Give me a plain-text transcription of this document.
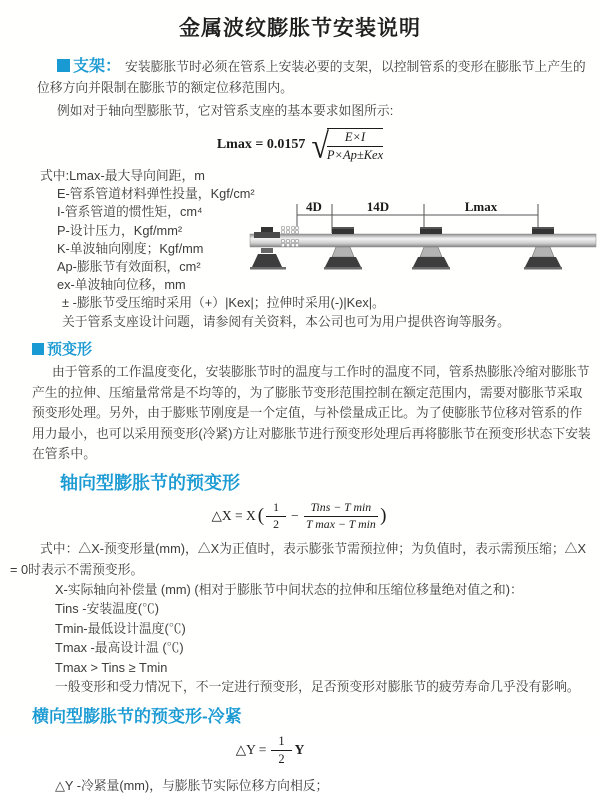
金属波纹膨胀节安装说明

支架： 安装膨胀节时必须在管系上安装必要的支架，以控制管系的变形在膨胀节上产生的位移方向并限制在膨胀节的额定位移范围内。

例如对于轴向型膨胀节，它对管系支座的基本要求如图所示:

Lmax = 0.0157 √
$\frac{E\times I}{\text{P×Ap±Kex}}$
式中:Lmax-最大导向间距，m
E-管系管道材料弹性投量，Kgf/cm²
I-管系管道的惯性矩，cm⁴
P-设计压力，Kgf/mm²
K-单波轴向刚度；Kgf/mm
Ap-膨胀节有效面积，cm²
ex-单波轴向位移，mm
± -膨胀节受压缩时采用（+）|Kex|；拉伸时采用(-)|Kex|。
关于管系支座设计问题，请参阅有关资料，本公司也可为用户提供咨询等服务。
4D	14D	Lmax
预变形

由于管系的工作温度变化，安装膨胀节时的温度与工作时的温度不同，管系热膨胀冷缩对膨胀节产生的拉伸、压缩量常常是不均等的，为了膨胀节变形范围控制在额定范围内，需要对膨胀节采取预变形处理。另外，由于膨账节刚度是一个定值，与补偿量成正比。为了使膨胀节位移对管系的作用力最小，也可以采用预变形(冷紧)方让对膨胀节进行预变形处理后再将膨胀节在预变形状态下安装在管系中。

轴向型膨胀节的预变形
△X = X ( $\frac{1}{2} - \frac{\text{Tins − T min}}{\text{T max − T min}}$ )

式中：△X-预变形量(mm)，△X为正值时，表示膨张节需预拉伸；为负值时，表示需预压缩；△X = 0时表示不需预变形。

X-实际轴向补偿量 (mm) (相对于膨胀节中间状态的拉伸和压缩位移量绝对值之和)：
Tins -安装温度(℃)
Tmin-最低设计温度(℃)
Tmax -最高设计温 (℃)
Tmax > Tins ≥ Tmin
一般变形和受力情况下，不一定进行预变形，足否预变形对膨胀节的疲劳寿命几乎没有影响。
横向型膨胀节的预变形-冷紧
△Y = $\frac{1}{2}$ Y

△Y -冷紧量(mm)，与膨胀节实际位移方向相反；
